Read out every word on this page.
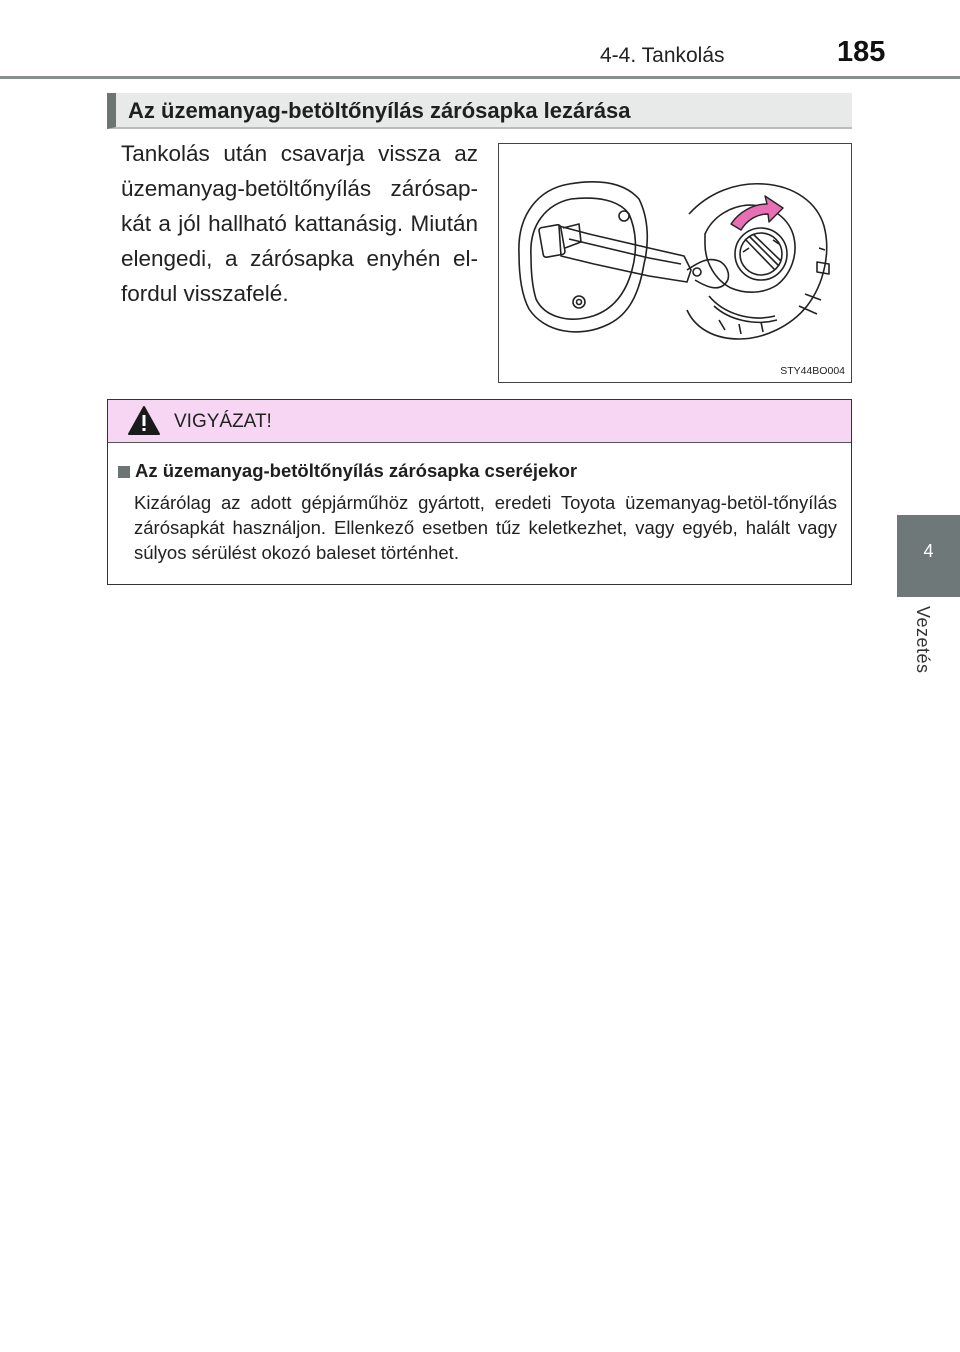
4-4. Tankolás	185
4
Vezetés
Az üzemanyag-betöltőnyílás zárósapka lezárása
Tankolás után csavarja vissza az üzemanyag-betöltőnyílás zárósap-kát a jól hallható kattanásig. Miután elengedi, a zárósapka enyhén el-fordul visszafelé.
STY44BO004
VIGYÁZAT!
Az üzemanyag-betöltőnyílás zárósapka cseréjekor
Kizárólag az adott gépjárműhöz gyártott, eredeti Toyota üzemanyag-betöl-tőnyílás zárósapkát használjon. Ellenkező esetben tűz keletkezhet, vagy egyéb, halált vagy súlyos sérülést okozó baleset történhet.
